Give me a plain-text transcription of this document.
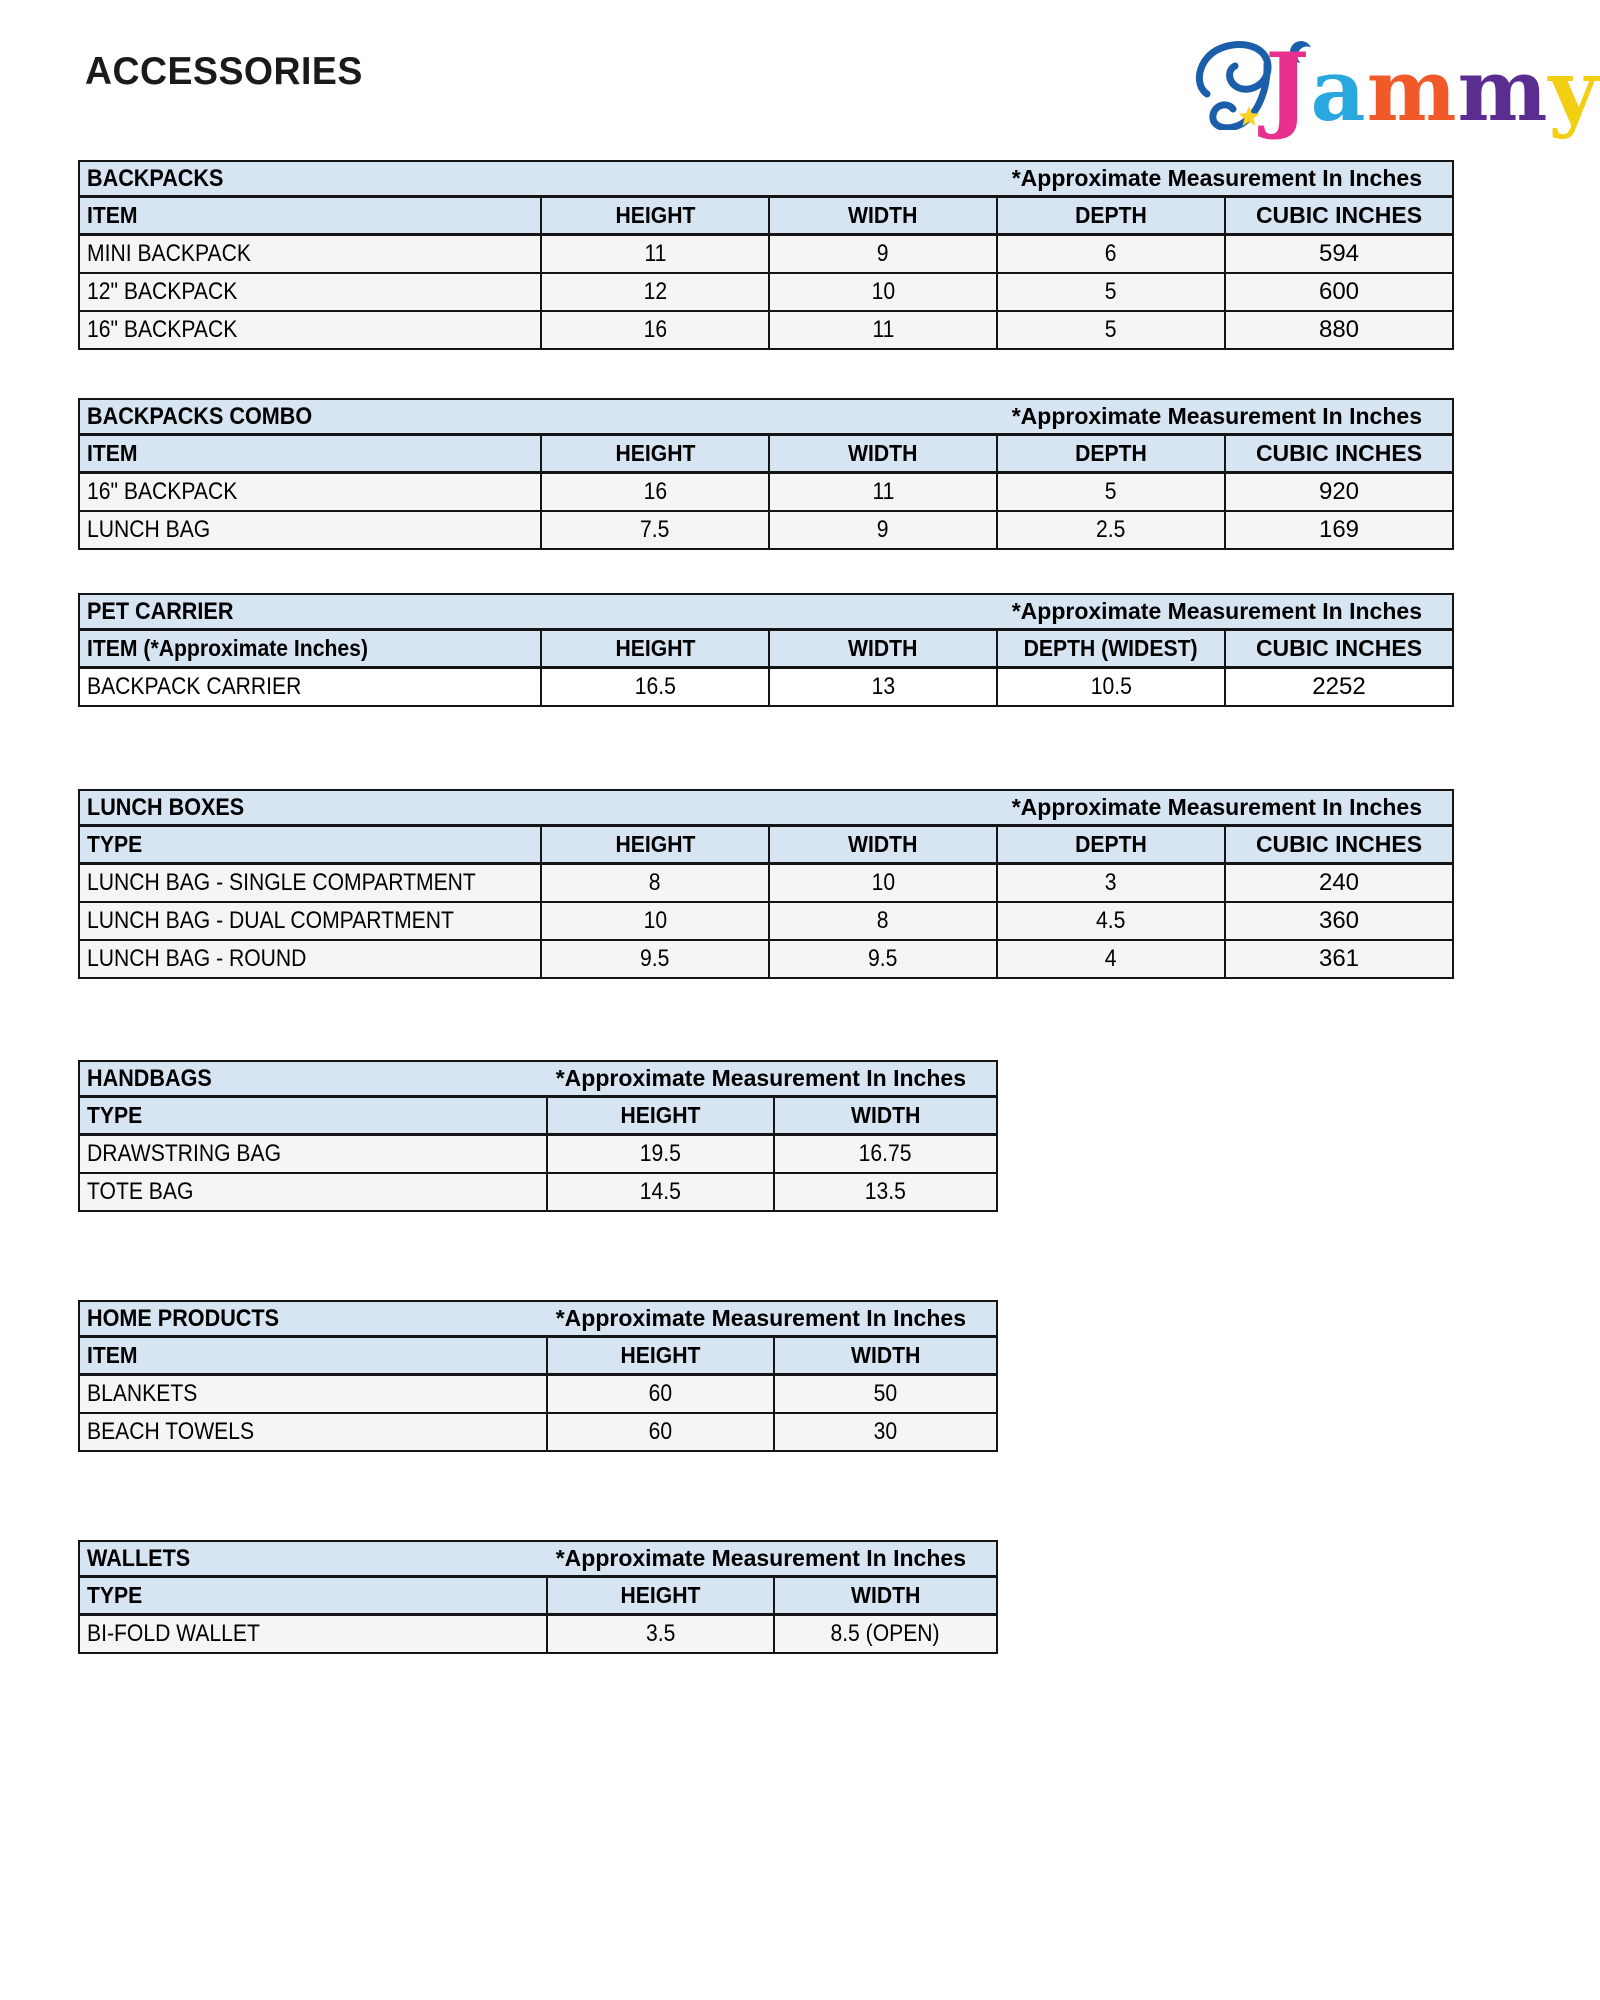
ACCESSORIES	Jammy
BACKPACKS *Approximate Measurement In Inches				

ITEM	HEIGHT	WIDTH	DEPTH	CUBIC INCHES
MINI BACKPACK	11	9	6	594
12" BACKPACK	12	10	5	600
16" BACKPACK	16	11	5	880
BACKPACKS COMBO *Approximate Measurement In Inches				

ITEM	HEIGHT	WIDTH	DEPTH	CUBIC INCHES
16" BACKPACK	16	11	5	920
LUNCH BAG	7.5	9	2.5	169
PET CARRIER *Approximate Measurement In Inches				

ITEM (*Approximate Inches)	HEIGHT	WIDTH	DEPTH (WIDEST)	CUBIC INCHES
BACKPACK CARRIER	16.5	13	10.5	2252
LUNCH BOXES *Approximate Measurement In Inches				

TYPE	HEIGHT	WIDTH	DEPTH	CUBIC INCHES
LUNCH BAG - SINGLE COMPARTMENT	8	10	3	240
LUNCH BAG - DUAL COMPARTMENT	10	8	4.5	360
LUNCH BAG - ROUND	9.5	9.5	4	361
HANDBAGS *Approximate Measurement In Inches		

TYPE	HEIGHT	WIDTH
DRAWSTRING BAG	19.5	16.75
TOTE BAG	14.5	13.5
HOME PRODUCTS *Approximate Measurement In Inches		

ITEM	HEIGHT	WIDTH
BLANKETS	60	50
BEACH TOWELS	60	30
WALLETS *Approximate Measurement In Inches		

TYPE	HEIGHT	WIDTH
BI-FOLD WALLET	3.5	8.5 (OPEN)
